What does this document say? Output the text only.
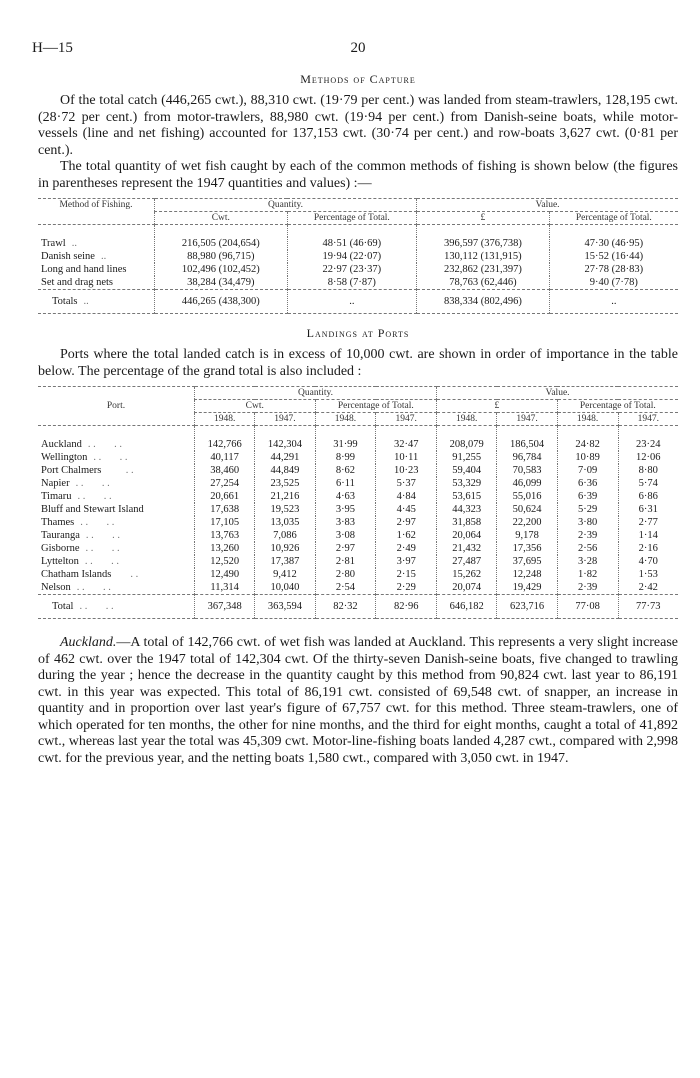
H—15	20
Methods of Capture

Of the total catch (446,265 cwt.), 88,310 cwt. (19·79 per cent.) was landed from steam-trawlers, 128,195 cwt. (28·72 per cent.) from motor-trawlers, 88,980 cwt. (19·94 per cent.) from Danish-seine boats, while motor-vessels (line and net fishing) accounted for 137,153 cwt. (30·74 per cent.) and row-boats 3,627 cwt. (0·81 per cent.).

The total quantity of wet fish caught by each of the common methods of fishing is shown below (the figures in parentheses represent the 1947 quantities and values) :—

Method of Fishing.	Quantity.		Value.	
	Cwt.	Percentage of Total.	£	Percentage of Total.

Trawl ..	216,505 (204,654)	48·51 (46·69)	396,597 (376,738)	47·30 (46·95)
Danish seine ..	88,980 (96,715)	19·94 (22·07)	130,112 (131,915)	15·52 (16·44)
Long and hand lines	102,496 (102,452)	22·97 (23·37)	232,862 (231,397)	27·78 (28·83)
Set and drag nets	38,284 (34,479)	8·58 (7·87)	78,763 (62,446)	9·40 (7·78)
Totals ..	446,265 (438,300)	..	838,334 (802,496)	..
Landings at Ports

Ports where the total landed catch is in excess of 10,000 cwt. are shown in order of importance in the table below. The percentage of the grand total is also included :

Port.	Quantity.				Value.			
	Cwt.		Percentage of Total.		£		Percentage of Total.	
	1948.	1947.	1948.	1947.	1948.	1947.	1948.	1947.

Auckland . .       . .	142,766	142,304	31·99	32·47	208,079	186,504	24·82	23·24
Wellington . .       . .	40,117	44,291	8·99	10·11	91,255	96,784	10·89	12·06
Port Chalmers       . .	38,460	44,849	8·62	10·23	59,404	70,583	7·09	8·80
Napier . .       . .	27,254	23,525	6·11	5·37	53,329	46,099	6·36	5·74
Timaru . .       . .	20,661	21,216	4·63	4·84	53,615	55,016	6·39	6·86
Bluff and Stewart Island	17,638	19,523	3·95	4·45	44,323	50,624	5·29	6·31
Thames . .       . .	17,105	13,035	3·83	2·97	31,858	22,200	3·80	2·77
Tauranga . .       . .	13,763	7,086	3·08	1·62	20,064	9,178	2·39	1·14
Gisborne . .       . .	13,260	10,926	2·97	2·49	21,432	17,356	2·56	2·16
Lyttelton . .       . .	12,520	17,387	2·81	3·97	27,487	37,695	3·28	4·70
Chatham Islands     . .	12,490	9,412	2·80	2·15	15,262	12,248	1·82	1·53
Nelson . .       . .	11,314	10,040	2·54	2·29	20,074	19,429	2·39	2·42
Total . .       . .	367,348	363,594	82·32	82·96	646,182	623,716	77·08	77·73

Auckland.—A total of 142,766 cwt. of wet fish was landed at Auckland. This represents a very slight increase of 462 cwt. over the 1947 total of 142,304 cwt. Of the thirty-seven Danish-seine boats, five changed to trawling during the year ; hence the decrease in the quantity caught by this method from 90,824 cwt. last year to 86,191 cwt. in this year was expected. This total of 86,191 cwt. consisted of 69,548 cwt. of snapper, an increase in quantity and in proportion over last year's figure of 67,757 cwt. for this method. Three steam-trawlers, one of which operated for ten months, the other for nine months, and the third for eight months, caught a total of 41,892 cwt., whereas last year the total was 45,309 cwt. Motor-line-fishing boats landed 4,287 cwt., compared with 2,998 cwt. for the previous year, and the netting boats 1,580 cwt., compared with 3,050 cwt. in 1947.
